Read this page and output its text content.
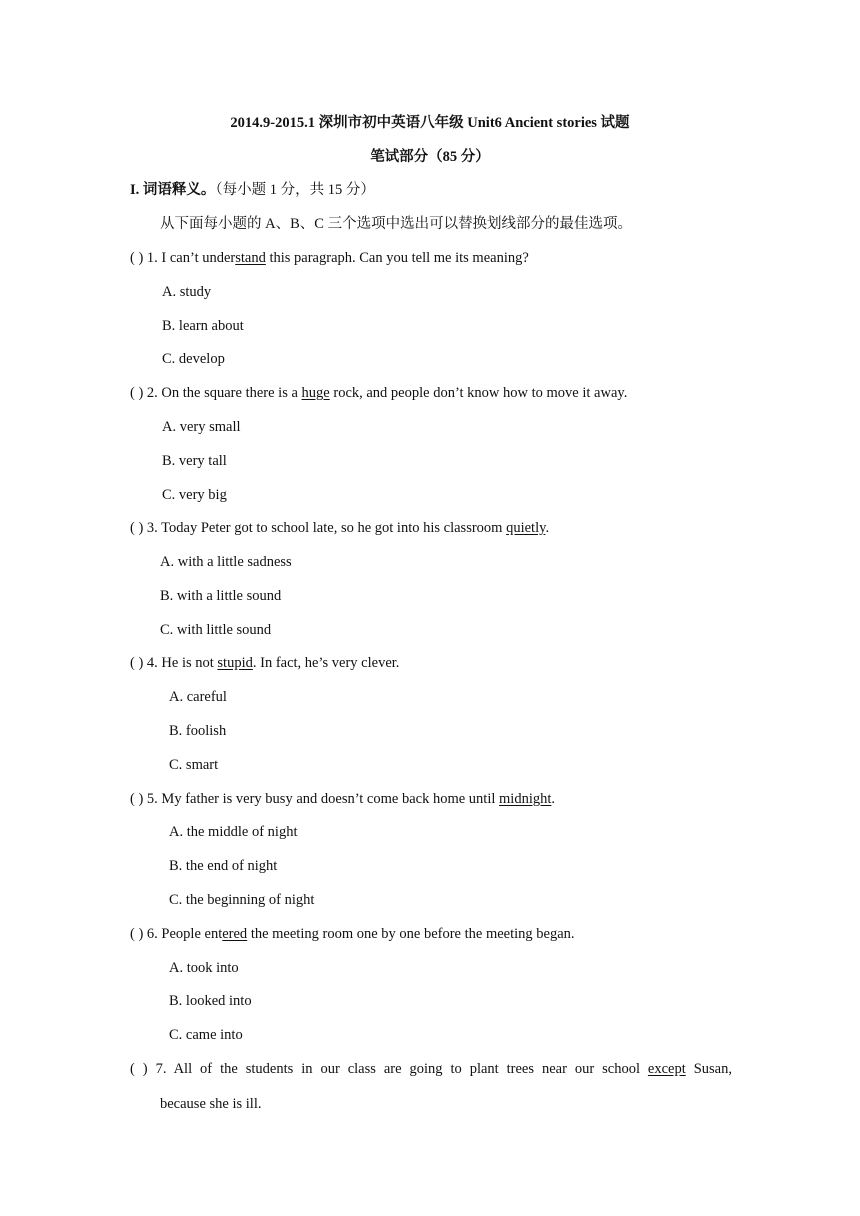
2014.9-2015.1 深圳市初中英语八年级 Unit6 Ancient stories 试题
笔试部分（85 分）
I. 词语释义。（每小题 1 分，共 15 分）
从下面每小题的 A、B、C 三个选项中选出可以替换划线部分的最佳选项。
( ) 1. I can’t understand this paragraph. Can you tell me its meaning?
A. study
B. learn about
C. develop
( ) 2. On the square there is a huge rock, and people don’t know how to move it away.
A. very small
B. very tall
C. very big
( ) 3. Today Peter got to school late, so he got into his classroom quietly.
A. with a little sadness
B. with a little sound
C. with little sound
( ) 4. He is not stupid. In fact, he’s very clever.
A. careful
B. foolish
C. smart
( ) 5. My father is very busy and doesn’t come back home until midnight.
A. the middle of night
B. the end of night
C. the beginning of night
( ) 6. People entered the meeting room one by one before the meeting began.
A. took into
B. looked into
C. came into
( ) 7. All of the students in our class are going to plant trees near our school except Susan,
because she is ill.
